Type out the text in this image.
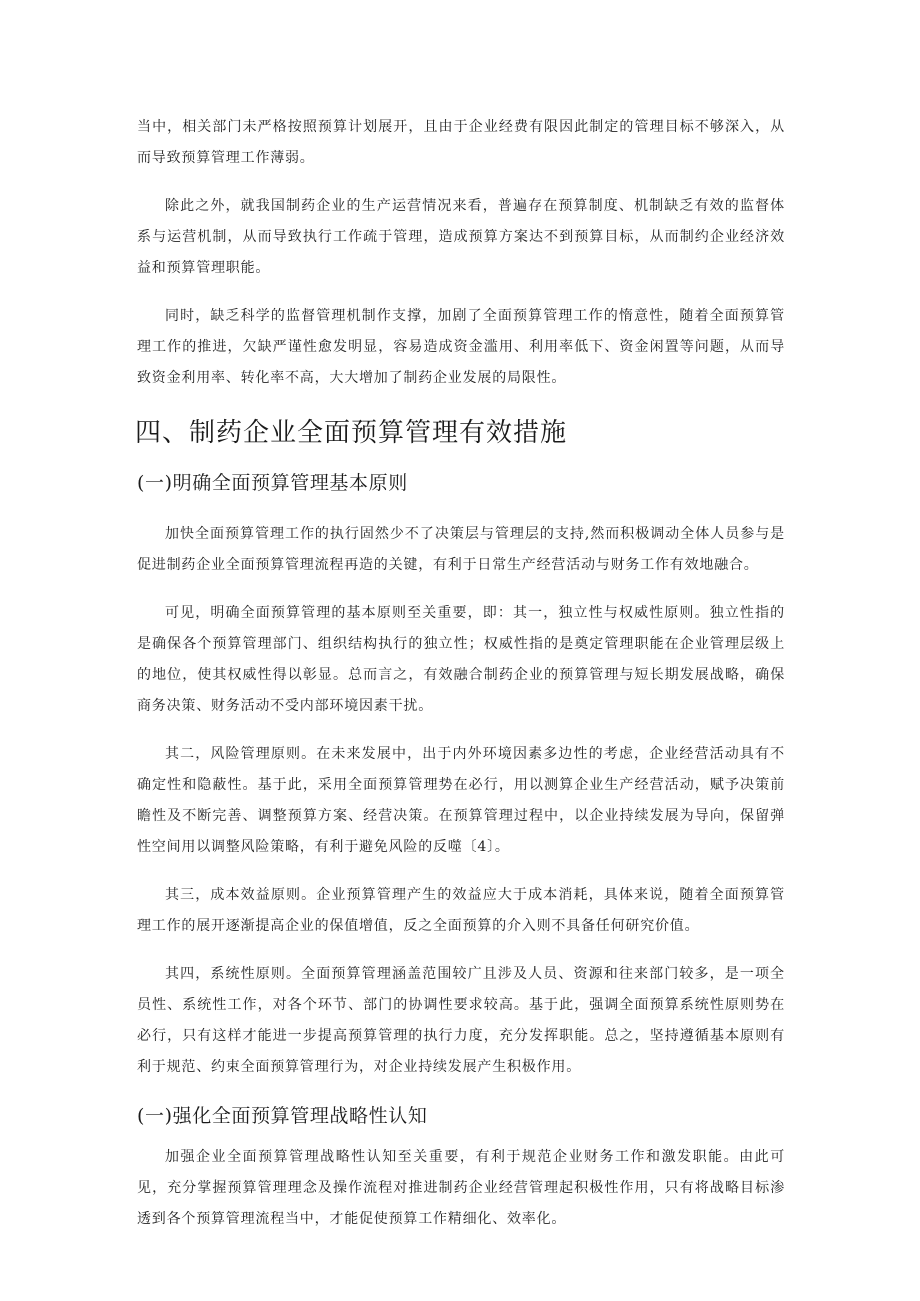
当中，相关部门未严格按照预算计划展开，且由于企业经费有限因此制定的管理目标不够深入，从而导致预算管理工作薄弱。

除此之外，就我国制药企业的生产运营情况来看，普遍存在预算制度、机制缺乏有效的监督体系与运营机制，从而导致执行工作疏于管理，造成预算方案达不到预算目标，从而制约企业经济效益和预算管理职能。

同时，缺乏科学的监督管理机制作支撑，加剧了全面预算管理工作的惰意性，随着全面预算管理工作的推进，欠缺严谨性愈发明显，容易造成资金滥用、利用率低下、资金闲置等问题，从而导致资金利用率、转化率不高，大大增加了制药企业发展的局限性。

四、制药企业全面预算管理有效措施
(一)明确全面预算管理基本原则

加快全面预算管理工作的执行固然少不了决策层与管理层的支持,然而积极调动全体人员参与是促进制药企业全面预算管理流程再造的关键，有利于日常生产经营活动与财务工作有效地融合。

可见，明确全面预算管理的基本原则至关重要，即：其一，独立性与权威性原则。独立性指的是确保各个预算管理部门、组织结构执行的独立性；权威性指的是奠定管理职能在企业管理层级上的地位，使其权威性得以彰显。总而言之，有效融合制药企业的预算管理与短长期发展战略，确保商务决策、财务活动不受内部环境因素干扰。

其二，风险管理原则。在未来发展中，出于内外环境因素多边性的考虑，企业经营活动具有不确定性和隐蔽性。基于此，采用全面预算管理势在必行，用以测算企业生产经营活动，赋予决策前瞻性及不断完善、调整预算方案、经营决策。在预算管理过程中，以企业持续发展为导向，保留弹性空间用以调整风险策略，有利于避免风险的反噬〔4〕。

其三，成本效益原则。企业预算管理产生的效益应大于成本消耗，具体来说，随着全面预算管理工作的展开逐渐提高企业的保值增值，反之全面预算的介入则不具备任何研究价值。

其四，系统性原则。全面预算管理涵盖范围较广且涉及人员、资源和往来部门较多，是一项全员性、系统性工作，对各个环节、部门的协调性要求较高。基于此，强调全面预算系统性原则势在必行，只有这样才能进一步提高预算管理的执行力度，充分发挥职能。总之，坚持遵循基本原则有利于规范、约束全面预算管理行为，对企业持续发展产生积极作用。

(一)强化全面预算管理战略性认知

加强企业全面预算管理战略性认知至关重要，有利于规范企业财务工作和激发职能。由此可见，充分掌握预算管理理念及操作流程对推进制药企业经营管理起积极性作用，只有将战略目标渗透到各个预算管理流程当中，才能促使预算工作精细化、效率化。
